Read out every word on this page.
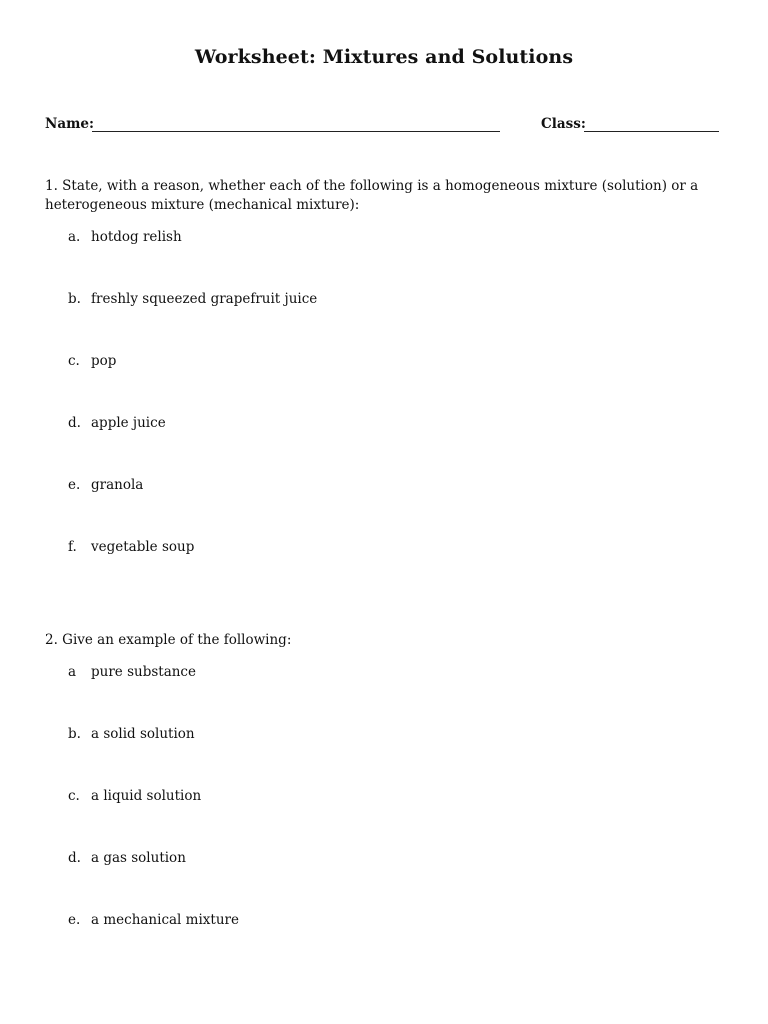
Worksheet: Mixtures and Solutions
Name:	Class:
1. State, with a reason, whether each of the following is a homogeneous mixture (solution) or a
heterogeneous mixture (mechanical mixture):
a. hotdog relish
b. freshly squeezed grapefruit juice
c. pop
d. apple juice
e. granola
f. vegetable soup
2. Give an example of the following:
a pure substance
b. a solid solution
c. a liquid solution
d. a gas solution
e. a mechanical mixture
